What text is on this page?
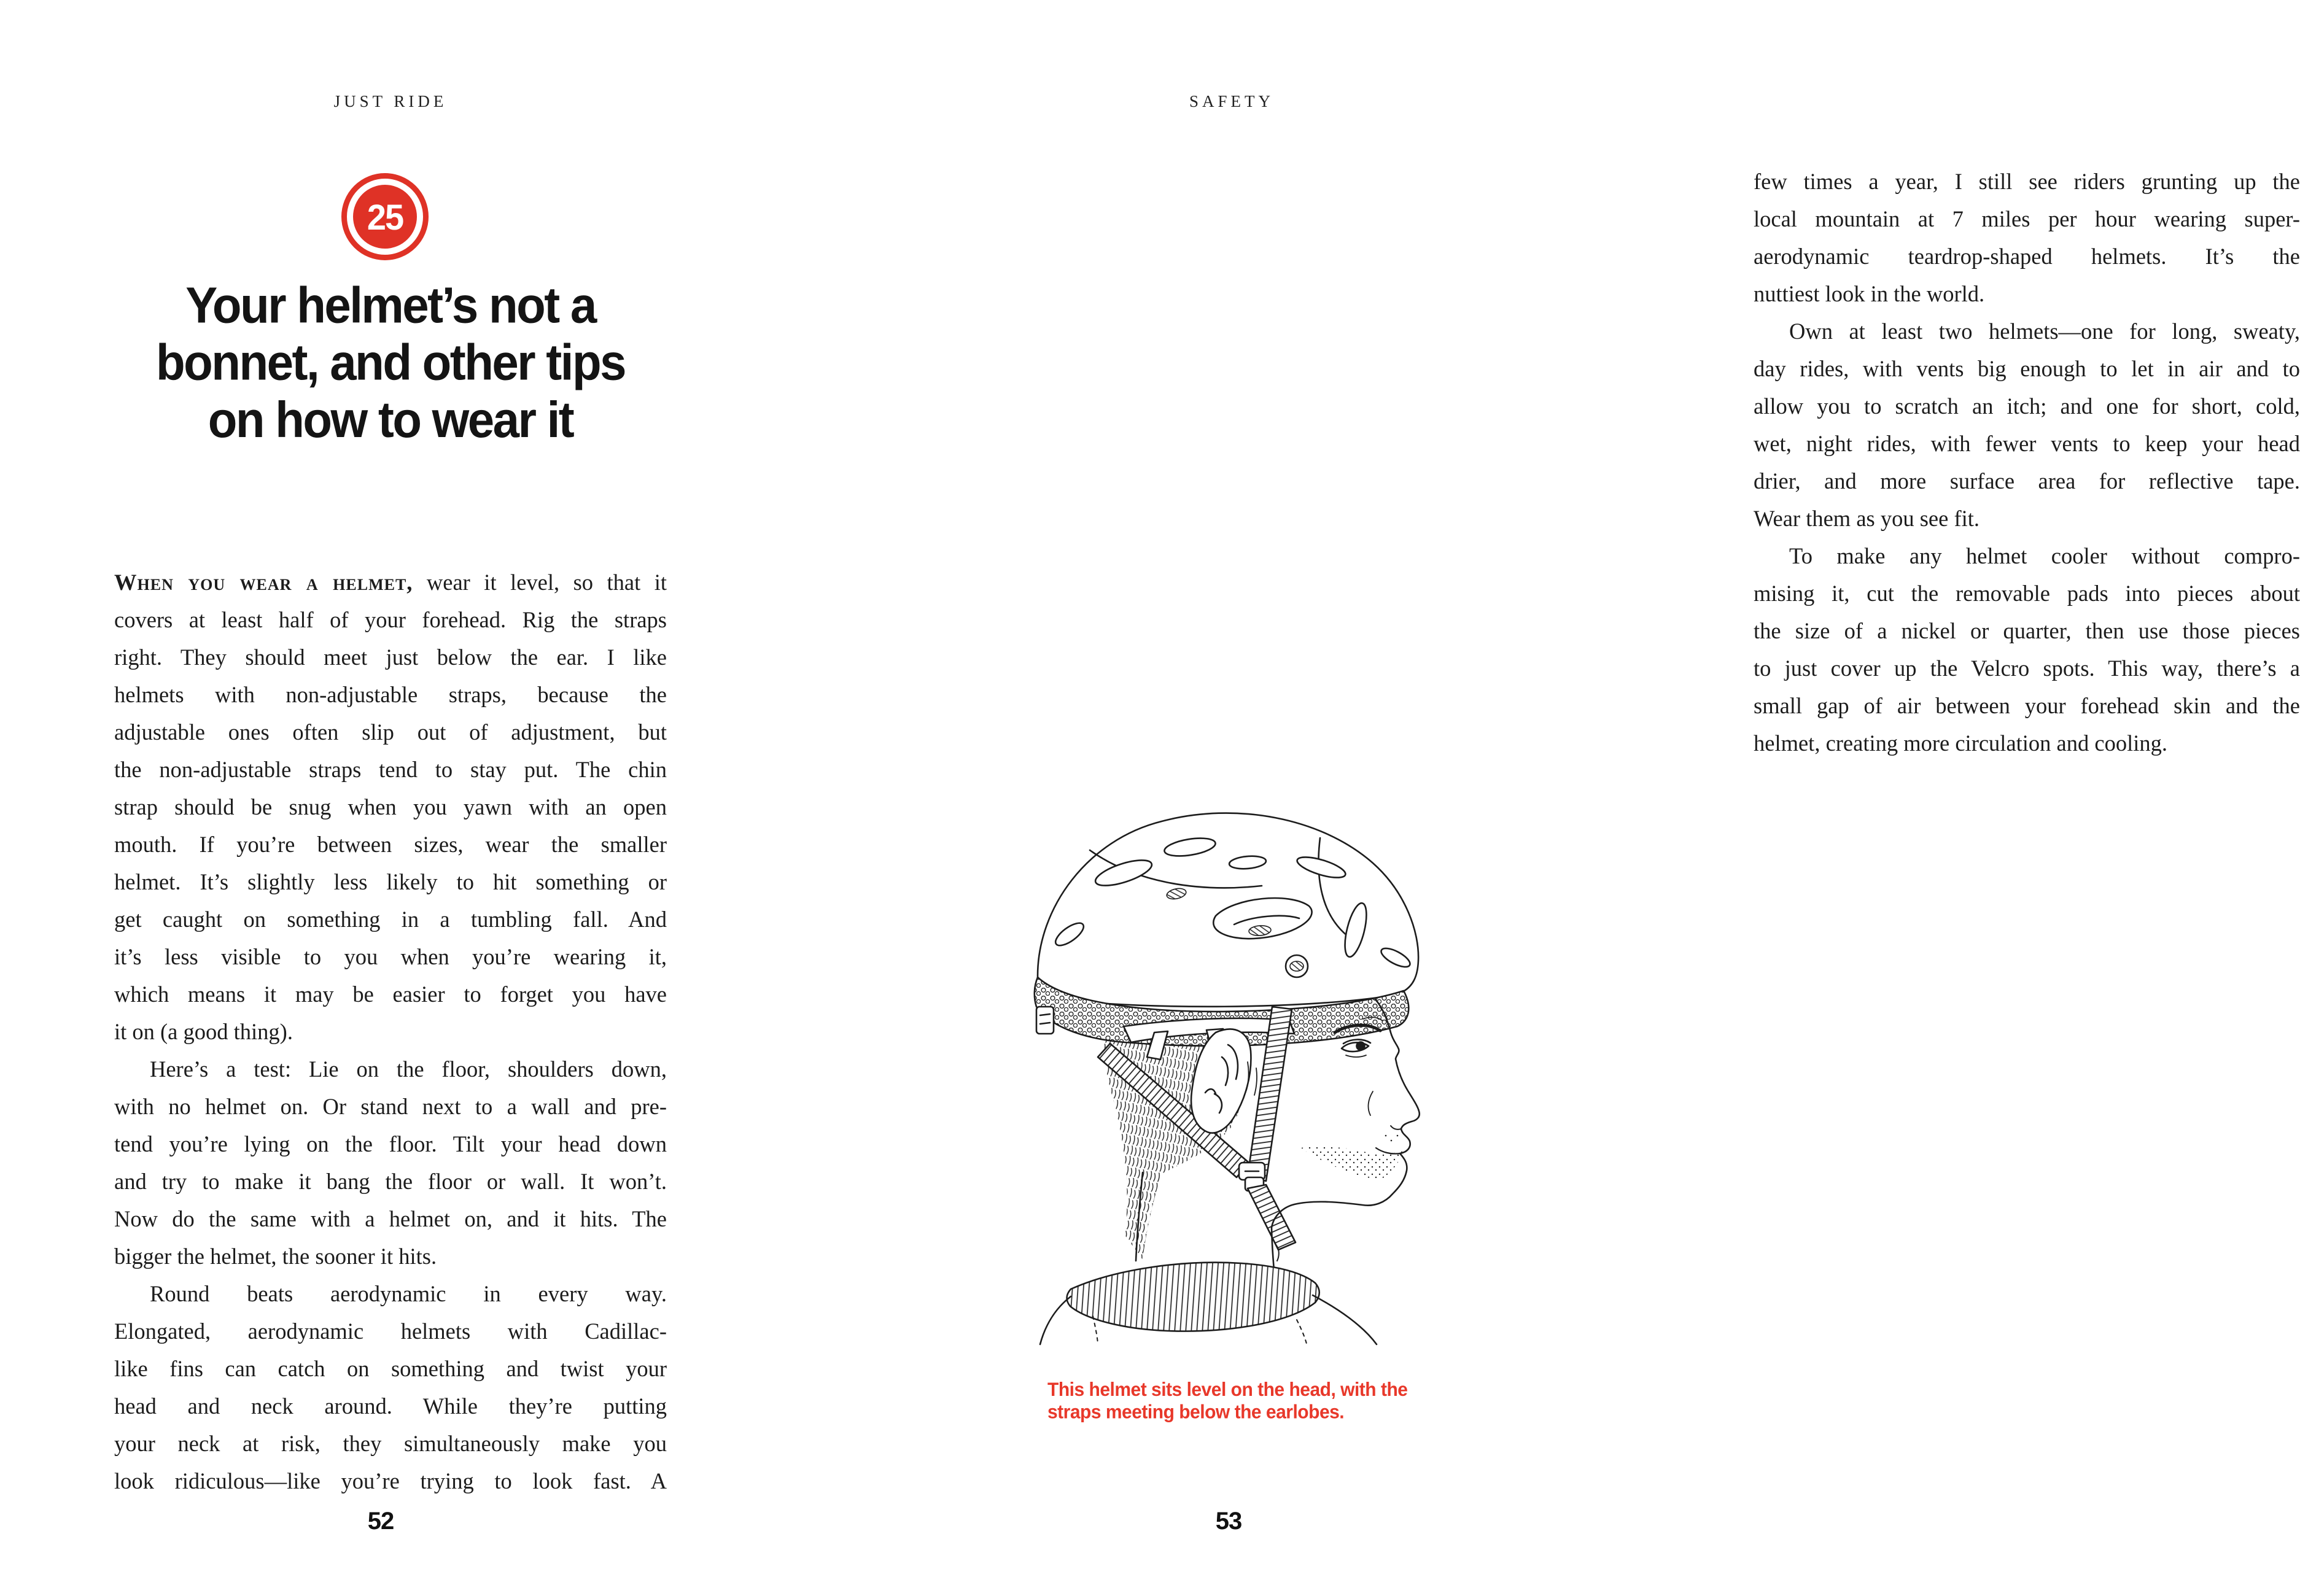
JUST RIDE
25
Your helmet’s not a
bonnet, and other tips
on how to wear it
When you wear a helmet, wear it level, so that it
covers at least half of your forehead. Rig the straps
right. They should meet just below the ear. I like
helmets with non-adjustable straps, because the
adjustable ones often slip out of adjustment, but
the non-adjustable straps tend to stay put. The chin
strap should be snug when you yawn with an open
mouth. If you’re between sizes, wear the smaller
helmet. It’s slightly less likely to hit something or
get caught on something in a tumbling fall. And
it’s less visible to you when you’re wearing it,
which means it may be easier to forget you have
it on (a good thing).
Here’s a test: Lie on the floor, shoulders down,
with no helmet on. Or stand next to a wall and pre-
tend you’re lying on the floor. Tilt your head down
and try to make it bang the floor or wall. It won’t.
Now do the same with a helmet on, and it hits. The
bigger the helmet, the sooner it hits.
Round beats aerodynamic in every way.
Elongated, aerodynamic helmets with Cadillac-
like fins can catch on something and twist your
head and neck around. While they’re putting
your neck at risk, they simultaneously make you
look ridiculous—like you’re trying to look fast. A
52
SAFETY
few times a year, I still see riders grunting up the
local mountain at 7 miles per hour wearing super-
aerodynamic teardrop-shaped helmets. It’s the
nuttiest look in the world.
Own at least two helmets—one for long, sweaty,
day rides, with vents big enough to let in air and to
allow you to scratch an itch; and one for short, cold,
wet, night rides, with fewer vents to keep your head
drier, and more surface area for reflective tape.
Wear them as you see fit.
To make any helmet cooler without compro-
mising it, cut the removable pads into pieces about
the size of a nickel or quarter, then use those pieces
to just cover up the Velcro spots. This way, there’s a
small gap of air between your forehead skin and the
helmet, creating more circulation and cooling.
This helmet sits level on the head, with the
straps meeting below the earlobes.
53
